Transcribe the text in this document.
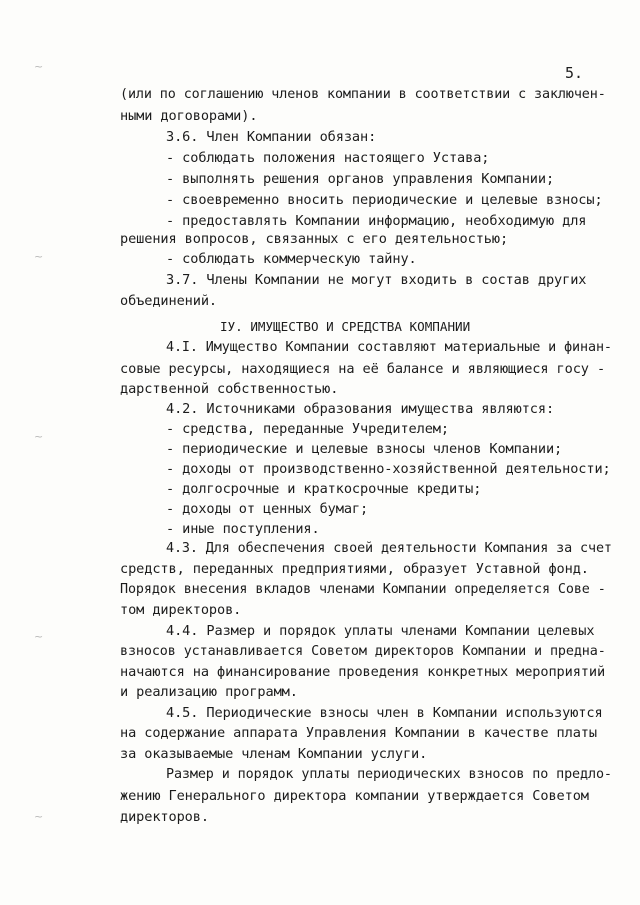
5.
~
~
~
~
~
(или по соглашению членов компании в соответствии с заключен-
ными договорами).
3.6. Член Компании обязан:
- соблюдать положения настоящего Устава;
- выполнять решения органов управления Компании;
- своевременно вносить периодические и целевые взносы;
- предоставлять Компании информацию, необходимую для
решения вопросов, связанных с его деятельностью;
- соблюдать коммерческую тайну.
3.7. Члены Компании не могут входить в состав других
объединений.
IУ. ИМУЩЕСТВО И СРЕДСТВА КОМПАНИИ
4.I. Имущество Компании составляют материальные и финан-
совые ресурсы, находящиеся на её балансе и являющиеся госу -
дарственной собственностью.
4.2. Источниками образования имущества являются:
- средства, переданные Учредителем;
- периодические и целевые взносы членов Компании;
- доходы от производственно-хозяйственной деятельности;
- долгосрочные и краткосрочные кредиты;
- доходы от ценных бумаг;
- иные поступления.
4.3. Для обеспечения своей деятельности Компания за счет
средств, переданных предприятиями, образует Уставной фонд.
Порядок внесения вкладов членами Компании определяется Сове -
том директоров.
4.4. Размер и порядок уплаты членами Компании целевых
взносов устанавливается Советом директоров Компании и предна-
начаются на финансирование проведения конкретных мероприятий
и реализацию программ.
4.5. Периодические взносы член в Компании используются
на содержание аппарата Управления Компании в качестве платы
за оказываемые членам Компании услуги.
Размер и порядок уплаты периодических взносов по предло-
жению Генерального директора компании утверждается Советом
директоров.
